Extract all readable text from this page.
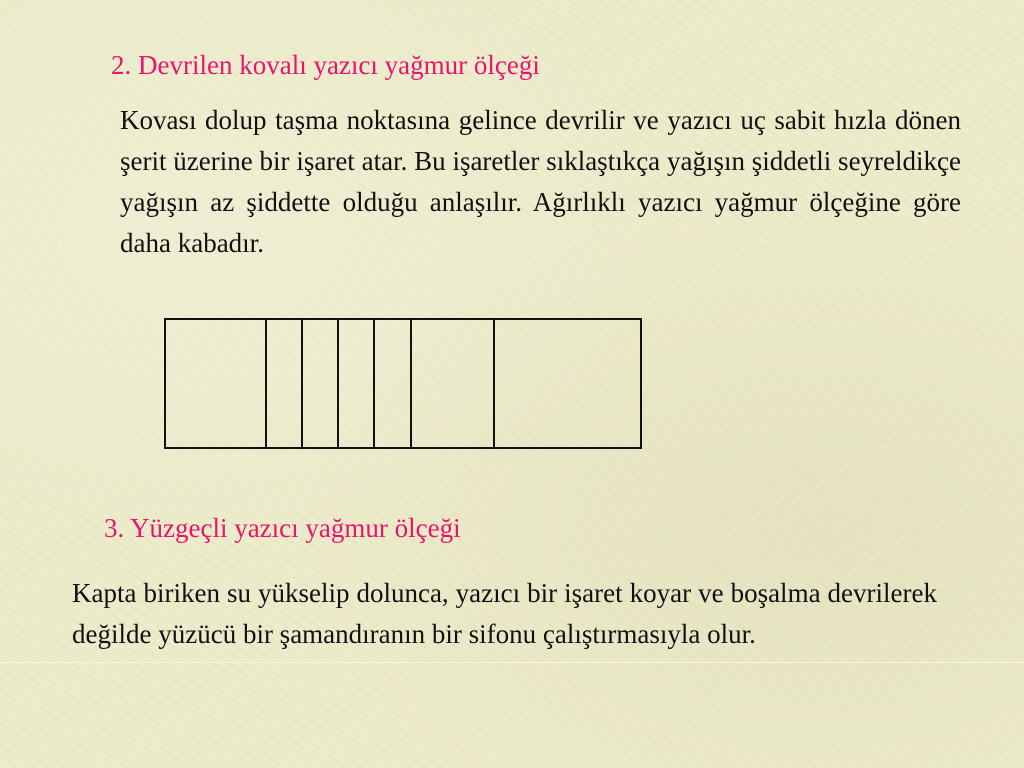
2. Devrilen kovalı yazıcı yağmur ölçeği

Kovası dolup taşma noktasına gelince devrilir ve yazıcı uç sabit hızla dönen şerit üzerine bir işaret atar. Bu işaretler sıklaştıkça yağışın şiddetli seyreldikçe yağışın az şiddette olduğu anlaşılır. Ağırlıklı yazıcı yağmur ölçeğine göre daha kabadır.

3. Yüzgeçli yazıcı yağmur ölçeği

Kapta biriken su yükselip dolunca, yazıcı bir işaret koyar ve boşalma devrilerek değilde yüzücü bir şamandıranın bir sifonu çalıştırmasıyla olur.
